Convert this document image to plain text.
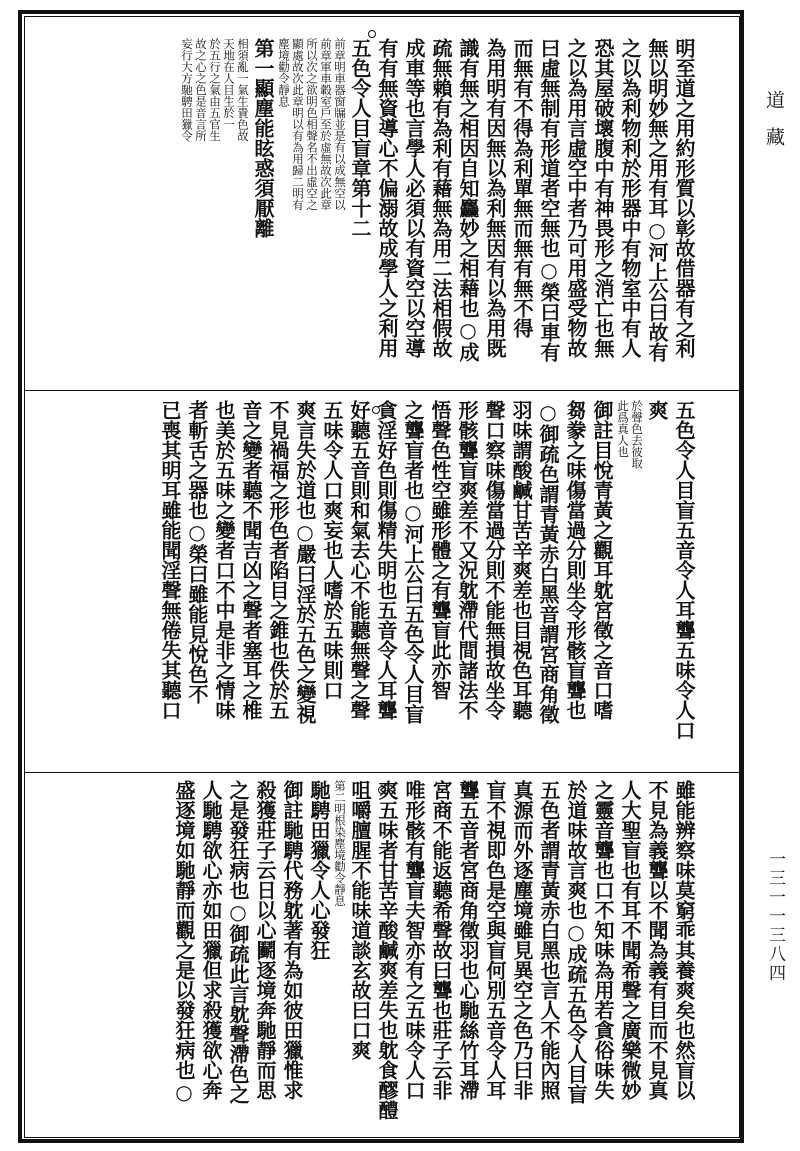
道藏
一三一一三八四
明至道之用約形質以彰故借器有之利
無以明妙無之用有耳○河上公曰故有
之以為利物利於形器中有物室中有人
恐其屋破壞腹中有神畏形之消亡也無
之以為用言虛空中者乃可用盛受物故
曰虛無制有形道者空無也○榮曰車有
而無有不得為利單無而無有無不得
為用明有因無以為利無因有以為用既
識有無之相因自知麤妙之相藉也○成
疏無賴有為利有藉無為用二法相假故
成車等也言學人必須以有資空以空導
有有無資導心不偏溺故成學人之利用
五色令人目盲章第十二
前章明車器窗牖並是有以成無空以
前章軍車轂室戶至於虛無故次此章
所以次之欲明色相聲名不出虛空之
顯處故次此章明以有為用歸二明有
塵境勸令靜息
第一顯塵能眩惑須厭離
相須亂一氣生貴色故
天地在人目生於一
於五行之氣由五官生
故之心之色是音言所
妄行大方馳騁田獵令
五色令人目盲五音令人耳聾五味令人口
爽
於聲色去彼取
此爲真人也
御註目悅青黃之觀耳躭宮徵之音口嗜
芻豢之味傷當過分則坐令形骸盲聾也
○御疏色謂青黃赤白黑音謂宮商角徵
羽味謂酸鹹甘苦辛爽差也目視色耳聽
聲口察味傷當過分則不能無損故坐令
形骸聾盲爽差不又況躭滯代間諸法不
悟聲色性空雖形體之有聾盲此亦智
之聾盲者也○河上公曰五色令人目盲
貪淫好色則傷精失明也五音令人耳聾
好聽五音則和氣去心不能聽無聲之聲
五味令人口爽妄也人嗜於五味則口
爽言失於道也○嚴曰淫於五色之變視
不見禍福之形色者陷目之錐也佚於五
音之變者聽不聞吉凶之聲者塞耳之椎
也美於五味之變者口不中是非之情味
者斬舌之器也○榮曰雖能見悅色不
已喪其明耳雖能聞淫聲無倦失其聽口
雖能辨察味莫窮乖其養爽矣也然盲以
不見為義聾以不聞為義有目而不見真
人大聖盲也有耳不聞希聲之廣樂微妙
之靈音聾也口不知味為用若貪俗味失
於道味故言爽也○成疏五色令人目盲
五色者謂青黃赤白黑也言人不能內照
真源而外逐塵境雖見異空之色乃曰非
盲不視即色是空與盲何別五音令人耳
聾五音者宮商角徵羽也心馳絲竹耳滯
宮商不能返聽希聲故曰聾也莊子云非
唯形骸有聾盲夫智亦有之五味令人口
爽五味者甘苦辛酸鹹爽差失也躭食醪醴
咀嚼膻腥不能味道談玄故曰口爽
第二明根染塵境勸令靜息
馳騁田獵令人心發狂
御註馳騁代務躭著有為如彼田獵惟求
殺獲莊子云日以心鬬逐境奔馳靜而思
之是發狂病也○御疏此言躭聲滯色之
人馳騁欲心亦如田獵但求殺獲欲心奔
盛逐境如馳靜而觀之是以發狂病也○
